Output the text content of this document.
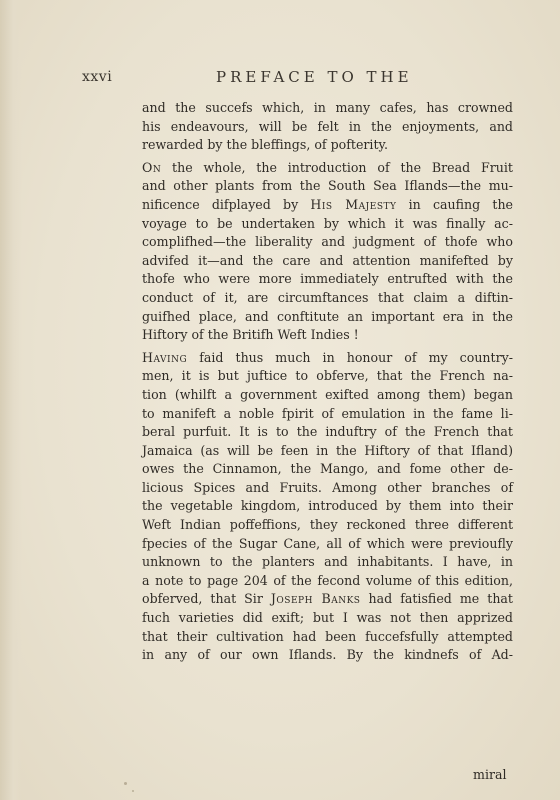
xxvi	PREFACE TO THE
and the succefs which, in many cafes, has crowned
his endeavours, will be felt in the enjoyments, and
rewarded by the bleffings, of pofterity.
On the whole, the introduction of the Bread Fruit
and other plants from the South Sea Iflands—the mu-
nificence difplayed by His Majesty in caufing the
voyage to be undertaken by which it was finally ac-
complifhed—the liberality and judgment of thofe who
advifed it—and the care and attention manifefted by
thofe who were more immediately entrufted with the
conduct of it, are circumftances that claim a diftin-
guifhed place, and conftitute an important era in the
Hiftory of the Britifh Weft Indies !
Having faid thus much in honour of my country-
men, it is but juftice to obferve, that the French na-
tion (whilft a government exifted among them) began
to manifeft a noble fpirit of emulation in the fame li-
beral purfuit. It is to the induftry of the French that
Jamaica (as will be feen in the Hiftory of that Ifland)
owes the Cinnamon, the Mango, and fome other de-
licious Spices and Fruits. Among other branches of
the vegetable kingdom, introduced by them into their
Weft Indian poffeffions, they reckoned three different
fpecies of the Sugar Cane, all of which were previoufly
unknown to the planters and inhabitants. I have, in
a note to page 204 of the fecond volume of this edition,
obferved, that Sir Joseph Banks had fatisfied me that
fuch varieties did exift; but I was not then apprized
that their cultivation had been fuccefsfully attempted
in any of our own Iflands. By the kindnefs of Ad-
miral
